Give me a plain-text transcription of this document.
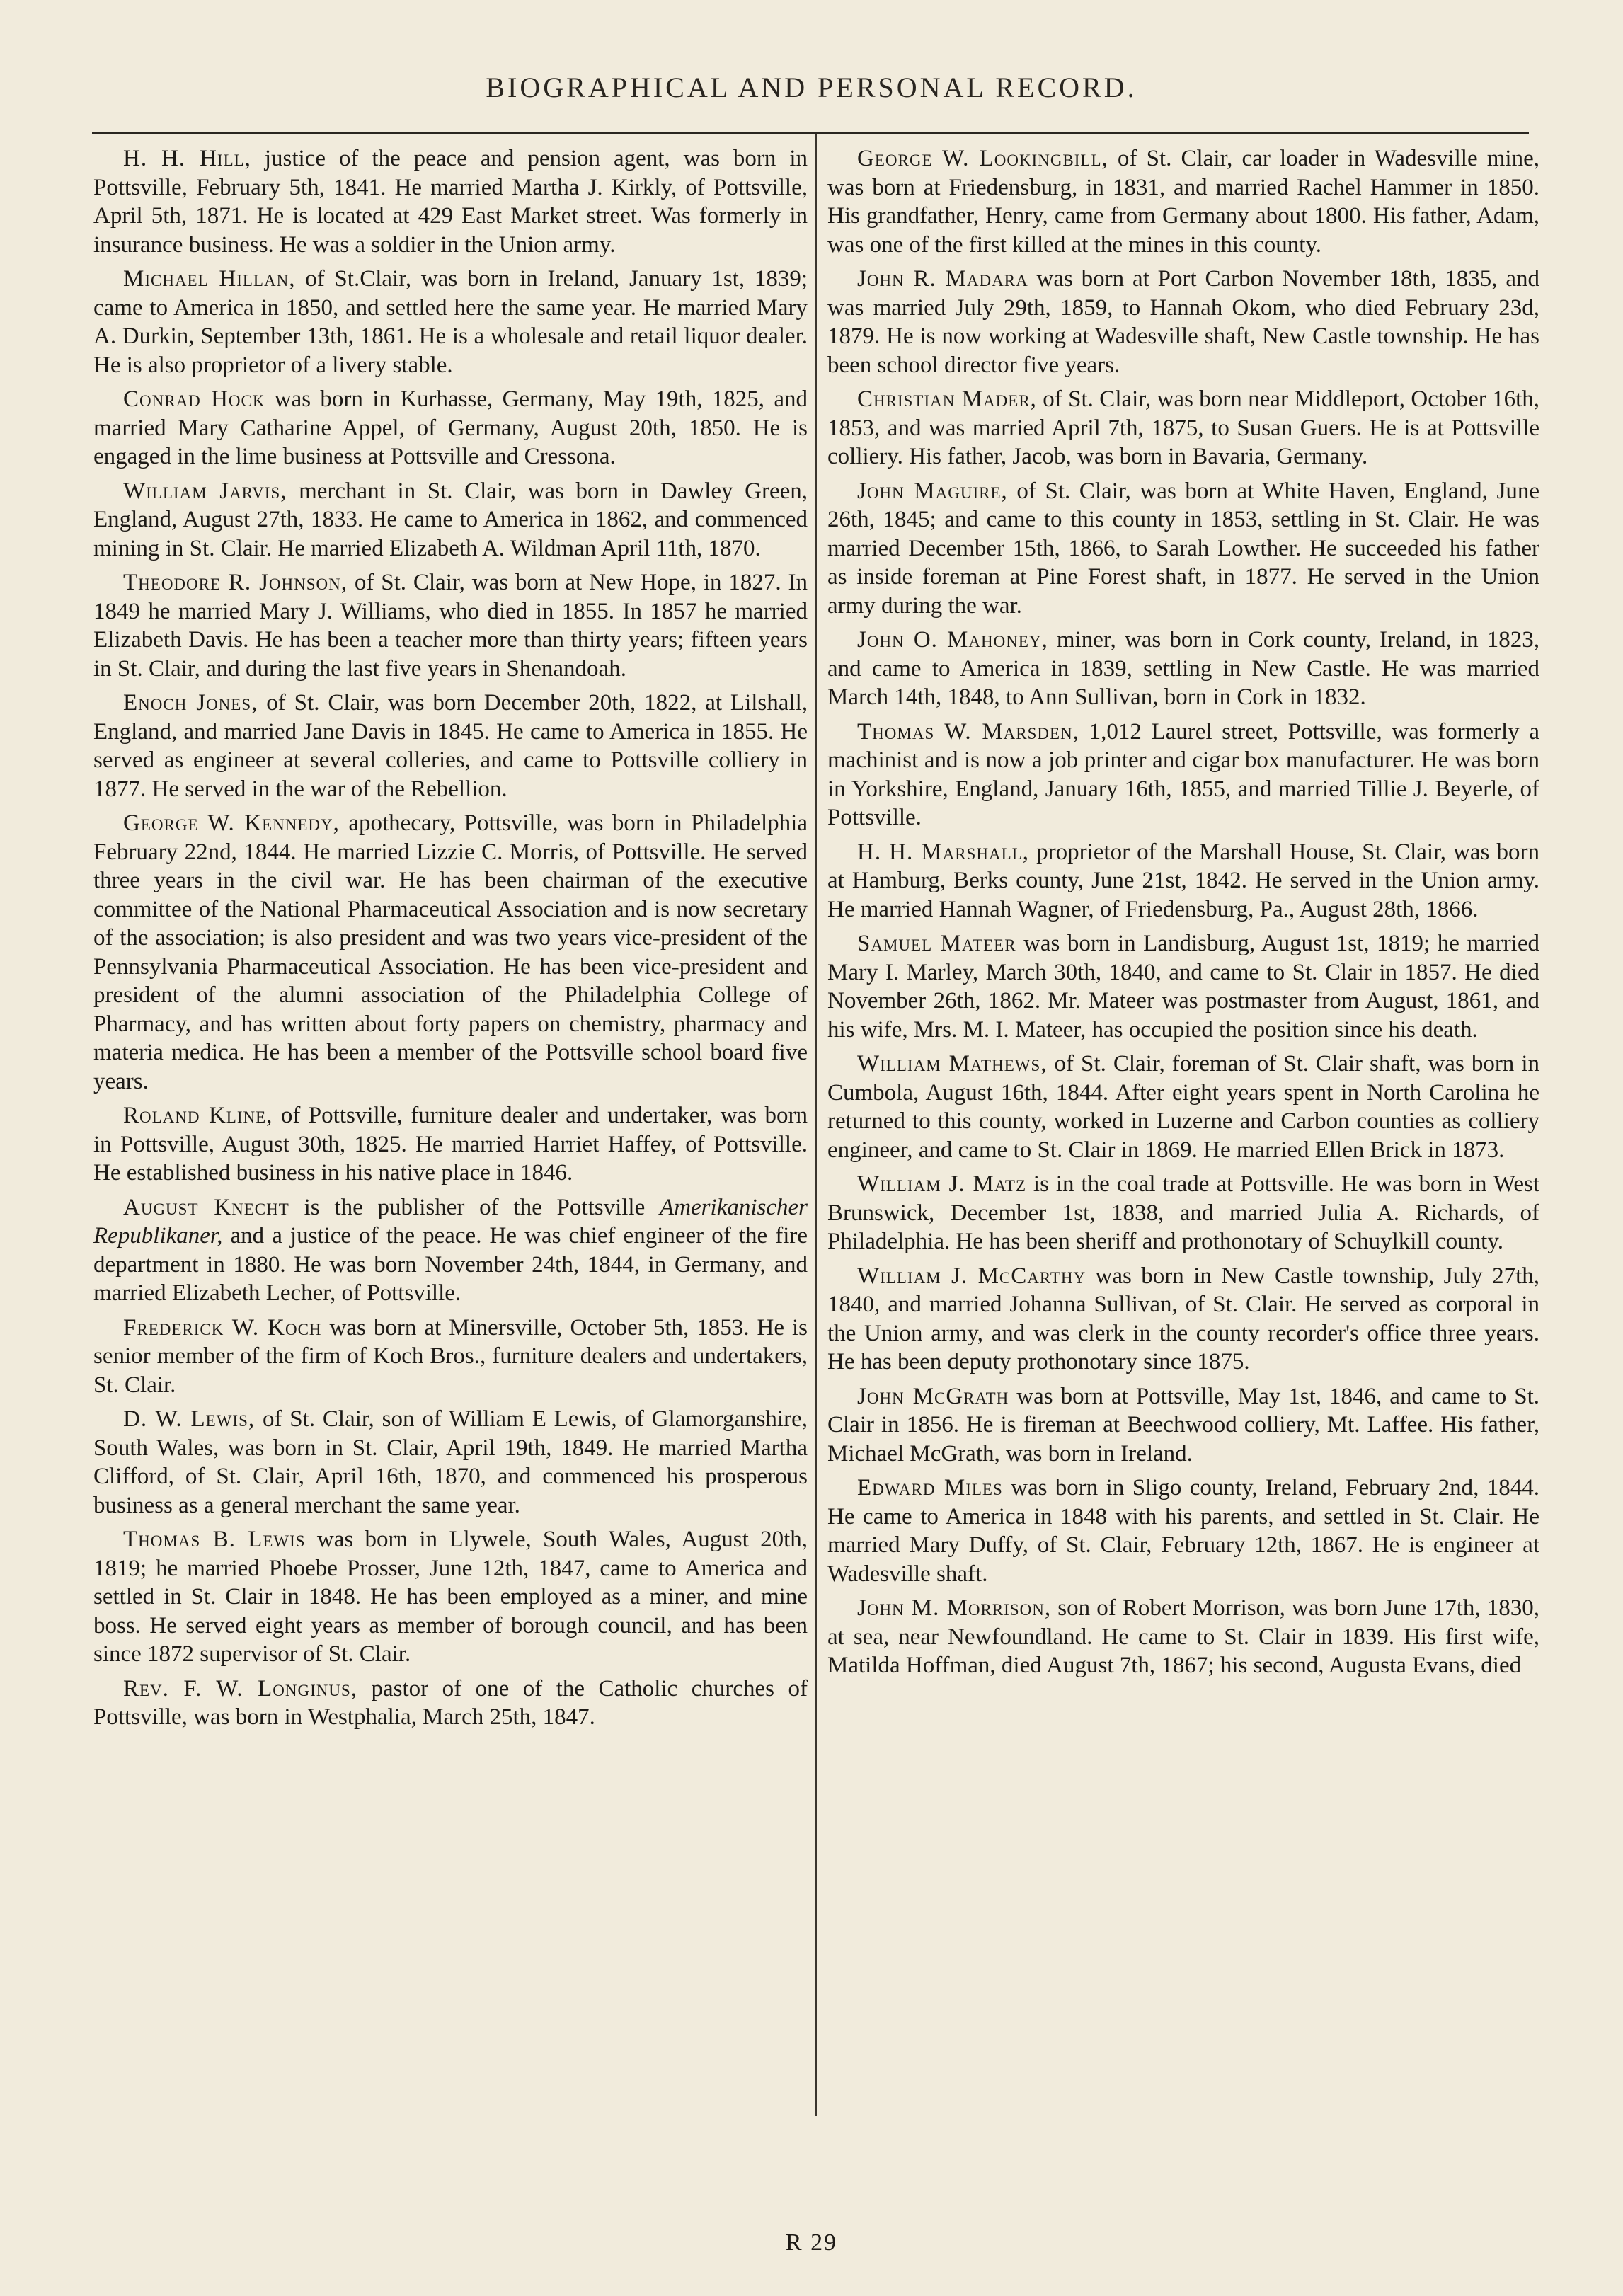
BIOGRAPHICAL AND PERSONAL RECORD.

H. H. Hill, justice of the peace and pension agent, was born in Pottsville, February 5th, 1841. He married Martha J. Kirkly, of Pottsville, April 5th, 1871. He is located at 429 East Market street. Was formerly in insurance business. He was a soldier in the Union army.

Michael Hillan, of St.Clair, was born in Ireland, January 1st, 1839; came to America in 1850, and settled here the same year. He married Mary A. Durkin, September 13th, 1861. He is a wholesale and retail liquor dealer. He is also proprietor of a livery stable.

Conrad Hock was born in Kurhasse, Germany, May 19th, 1825, and married Mary Catharine Appel, of Germany, August 20th, 1850. He is engaged in the lime business at Pottsville and Cressona.

William Jarvis, merchant in St. Clair, was born in Dawley Green, England, August 27th, 1833. He came to America in 1862, and commenced mining in St. Clair. He married Elizabeth A. Wildman April 11th, 1870.

Theodore R. Johnson, of St. Clair, was born at New Hope, in 1827. In 1849 he married Mary J. Williams, who died in 1855. In 1857 he married Elizabeth Davis. He has been a teacher more than thirty years; fifteen years in St. Clair, and during the last five years in Shenandoah.

Enoch Jones, of St. Clair, was born December 20th, 1822, at Lilshall, England, and married Jane Davis in 1845. He came to America in 1855. He served as engineer at several colleries, and came to Pottsville colliery in 1877. He served in the war of the Rebellion.

George W. Kennedy, apothecary, Pottsville, was born in Philadelphia February 22nd, 1844. He married Lizzie C. Morris, of Pottsville. He served three years in the civil war. He has been chairman of the executive committee of the National Pharmaceutical Association and is now secretary of the association; is also president and was two years vice-president of the Pennsylvania Pharmaceutical Association. He has been vice-president and president of the alumni association of the Philadelphia College of Pharmacy, and has written about forty papers on chemistry, pharmacy and materia medica. He has been a member of the Pottsville school board five years.

Roland Kline, of Pottsville, furniture dealer and undertaker, was born in Pottsville, August 30th, 1825. He married Harriet Haffey, of Pottsville. He established business in his native place in 1846.

August Knecht is the publisher of the Pottsville Amerikanischer Republikaner, and a justice of the peace. He was chief engineer of the fire department in 1880. He was born November 24th, 1844, in Germany, and married Elizabeth Lecher, of Pottsville.

Frederick W. Koch was born at Minersville, October 5th, 1853. He is senior member of the firm of Koch Bros., furniture dealers and undertakers, St. Clair.

D. W. Lewis, of St. Clair, son of William E Lewis, of Glamorganshire, South Wales, was born in St. Clair, April 19th, 1849. He married Martha Clifford, of St. Clair, April 16th, 1870, and commenced his prosperous business as a general merchant the same year.

Thomas B. Lewis was born in Llywele, South Wales, August 20th, 1819; he married Phoebe Prosser, June 12th, 1847, came to America and settled in St. Clair in 1848. He has been employed as a miner, and mine boss. He served eight years as member of borough council, and has been since 1872 supervisor of St. Clair.

Rev. F. W. Longinus, pastor of one of the Catholic churches of Pottsville, was born in Westphalia, March 25th, 1847.

George W. Lookingbill, of St. Clair, car loader in Wadesville mine, was born at Friedensburg, in 1831, and married Rachel Hammer in 1850. His grandfather, Henry, came from Germany about 1800. His father, Adam, was one of the first killed at the mines in this county.

John R. Madara was born at Port Carbon November 18th, 1835, and was married July 29th, 1859, to Hannah Okom, who died February 23d, 1879. He is now working at Wadesville shaft, New Castle township. He has been school director five years.

Christian Mader, of St. Clair, was born near Middleport, October 16th, 1853, and was married April 7th, 1875, to Susan Guers. He is at Pottsville colliery. His father, Jacob, was born in Bavaria, Germany.

John Maguire, of St. Clair, was born at White Haven, England, June 26th, 1845; and came to this county in 1853, settling in St. Clair. He was married December 15th, 1866, to Sarah Lowther. He succeeded his father as inside foreman at Pine Forest shaft, in 1877. He served in the Union army during the war.

John O. Mahoney, miner, was born in Cork county, Ireland, in 1823, and came to America in 1839, settling in New Castle. He was married March 14th, 1848, to Ann Sullivan, born in Cork in 1832.

Thomas W. Marsden, 1,012 Laurel street, Pottsville, was formerly a machinist and is now a job printer and cigar box manufacturer. He was born in Yorkshire, England, January 16th, 1855, and married Tillie J. Beyerle, of Pottsville.

H. H. Marshall, proprietor of the Marshall House, St. Clair, was born at Hamburg, Berks county, June 21st, 1842. He served in the Union army. He married Hannah Wagner, of Friedensburg, Pa., August 28th, 1866.

Samuel Mateer was born in Landisburg, August 1st, 1819; he married Mary I. Marley, March 30th, 1840, and came to St. Clair in 1857. He died November 26th, 1862. Mr. Mateer was postmaster from August, 1861, and his wife, Mrs. M. I. Mateer, has occupied the position since his death.

William Mathews, of St. Clair, foreman of St. Clair shaft, was born in Cumbola, August 16th, 1844. After eight years spent in North Carolina he returned to this county, worked in Luzerne and Carbon counties as colliery engineer, and came to St. Clair in 1869. He married Ellen Brick in 1873.

William J. Matz is in the coal trade at Pottsville. He was born in West Brunswick, December 1st, 1838, and married Julia A. Richards, of Philadelphia. He has been sheriff and prothonotary of Schuylkill county.

William J. McCarthy was born in New Castle township, July 27th, 1840, and married Johanna Sullivan, of St. Clair. He served as corporal in the Union army, and was clerk in the county recorder's office three years. He has been deputy prothonotary since 1875.

John McGrath was born at Pottsville, May 1st, 1846, and came to St. Clair in 1856. He is fireman at Beechwood colliery, Mt. Laffee. His father, Michael McGrath, was born in Ireland.

Edward Miles was born in Sligo county, Ireland, February 2nd, 1844. He came to America in 1848 with his parents, and settled in St. Clair. He married Mary Duffy, of St. Clair, February 12th, 1867. He is engineer at Wadesville shaft.

John M. Morrison, son of Robert Morrison, was born June 17th, 1830, at sea, near Newfoundland. He came to St. Clair in 1839. His first wife, Matilda Hoffman, died August 7th, 1867; his second, Augusta Evans, died

R 29
